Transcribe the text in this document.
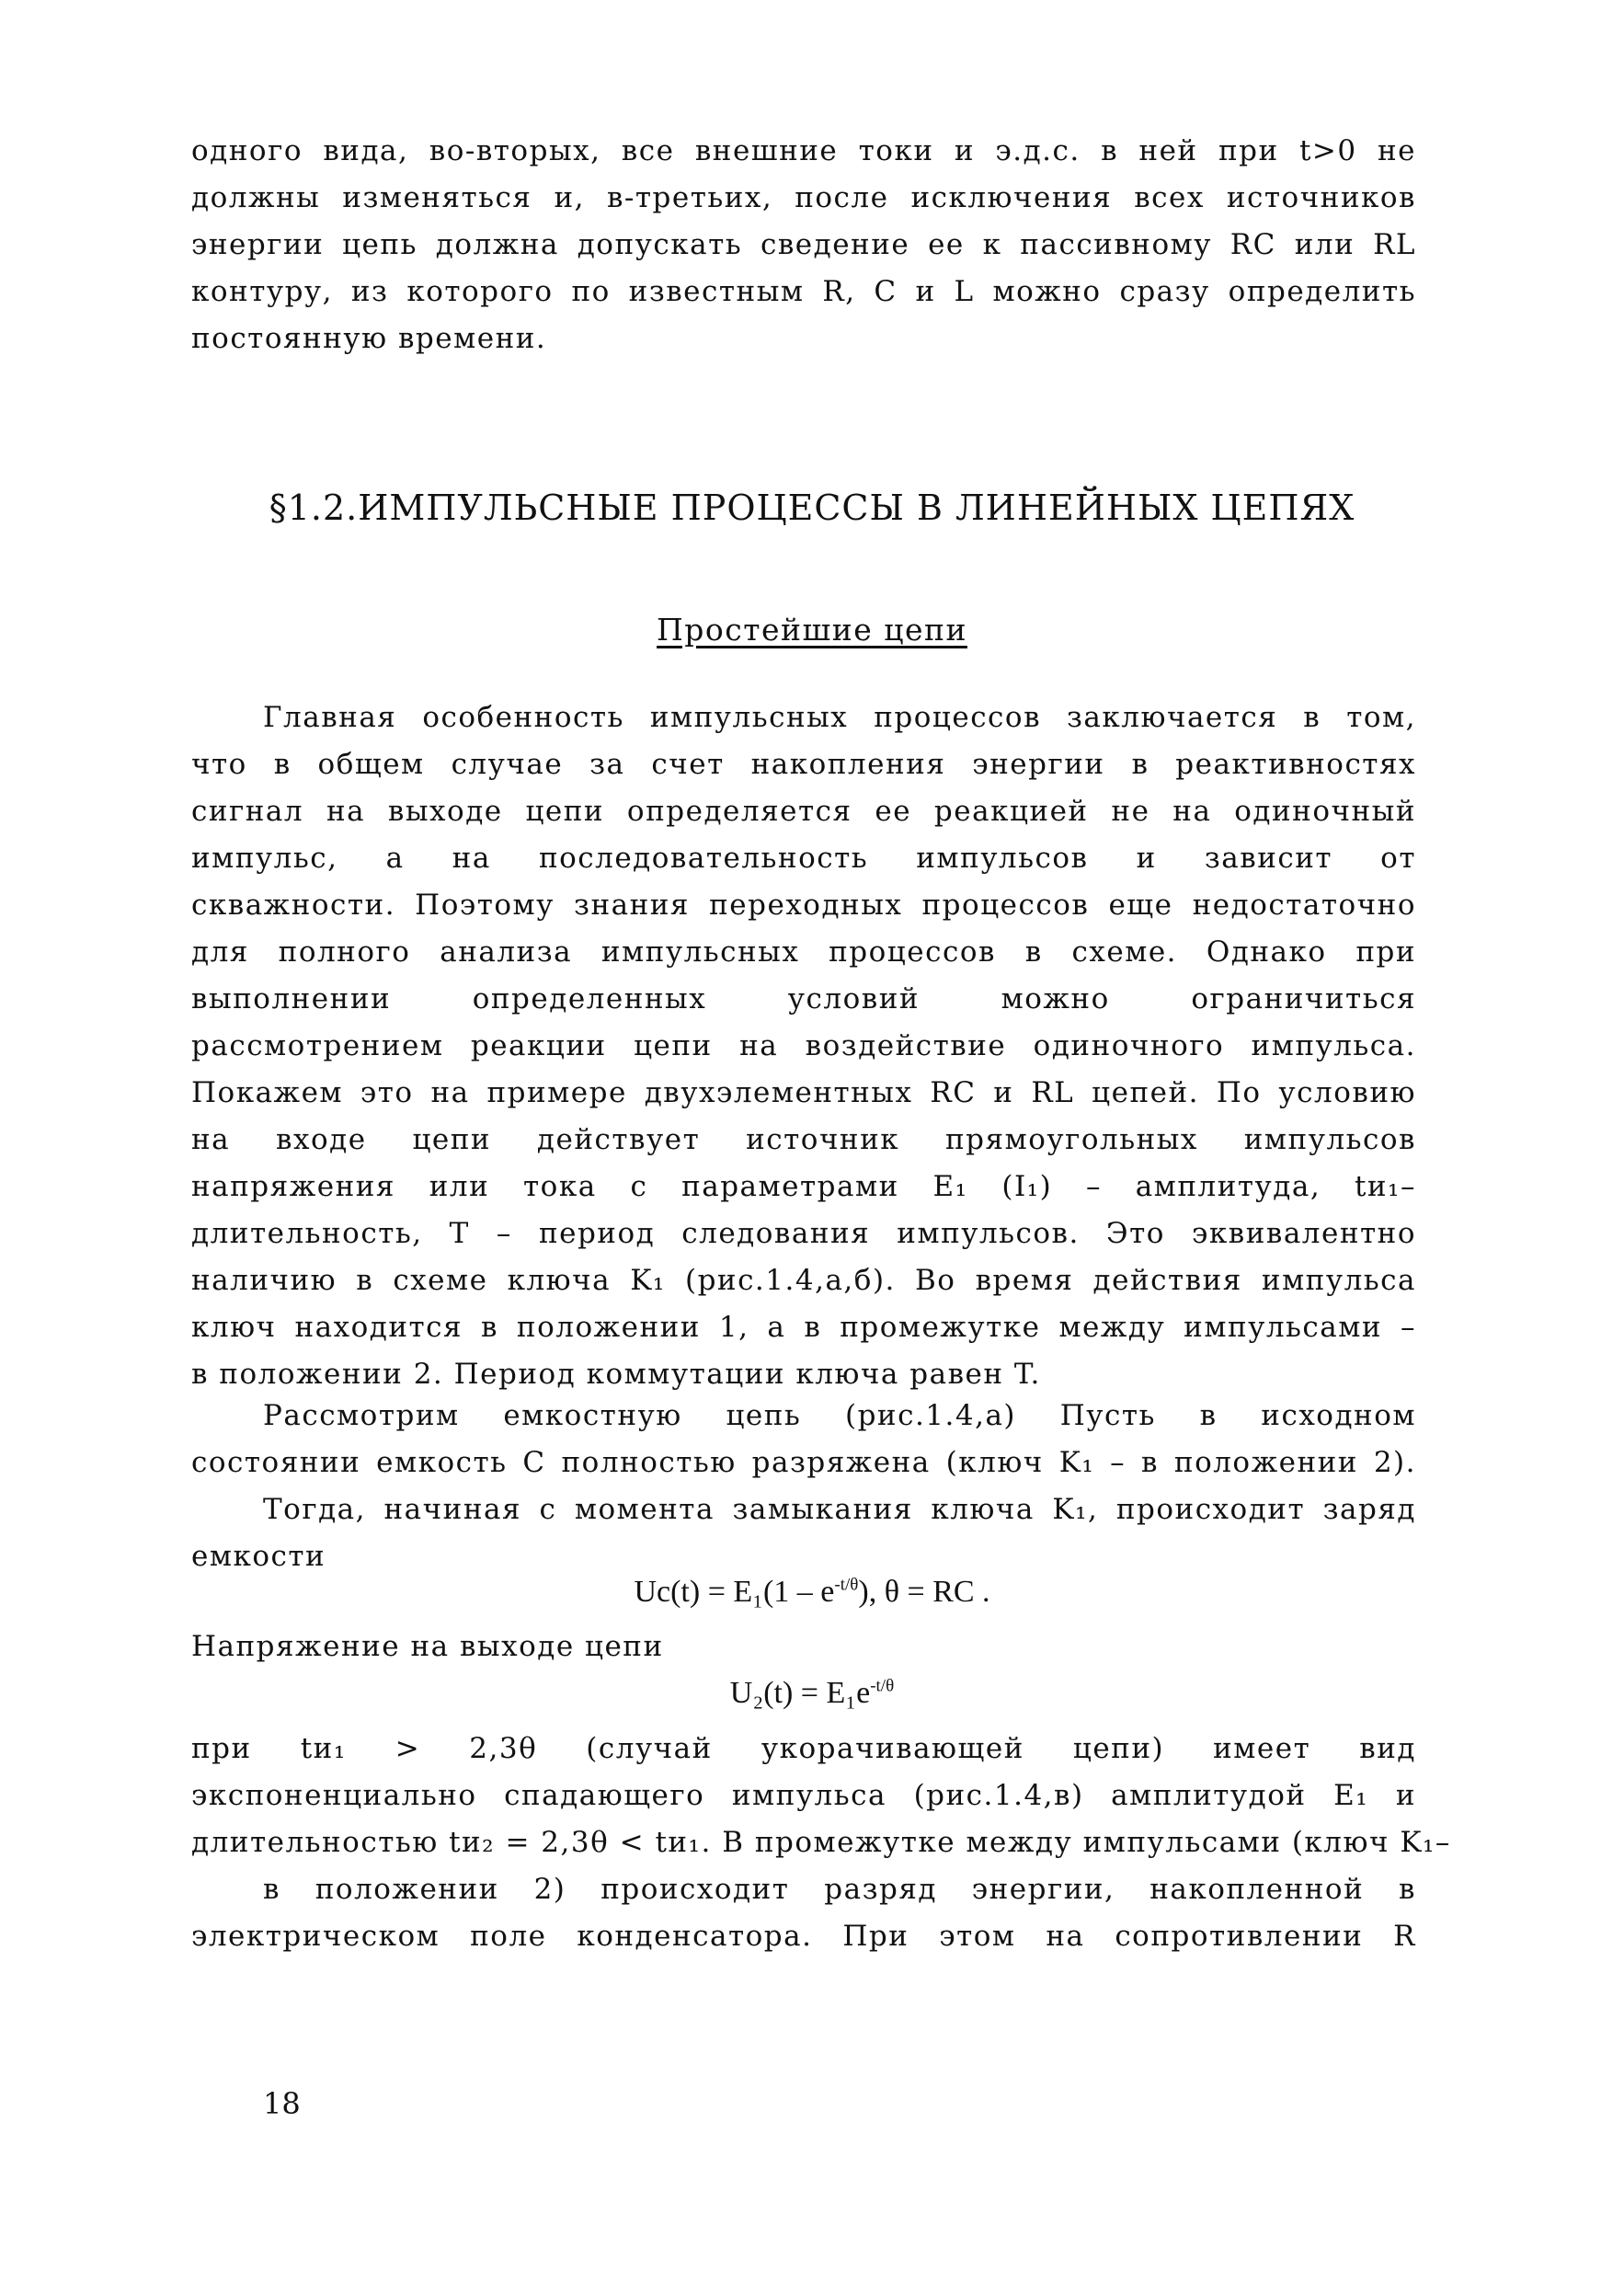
одного вида, во-вторых, все внешние токи и э.д.с. в ней при t>0 не
должны изменяться и, в-третьих, после исключения всех источников
энергии цепь должна допускать сведение ее к пассивному RC или RL
контуру, из которого по известным R, C и L можно сразу определить
постоянную времени.
§1.2.ИМПУЛЬСНЫЕ ПРОЦЕССЫ В ЛИНЕЙНЫХ ЦЕПЯХ
Простейшие цепи
Главная особенность импульсных процессов заключается в том,
что в общем случае за счет накопления энергии в реактивностях
сигнал на выходе цепи определяется ее реакцией не на одиночный
импульс, а на последовательность импульсов и зависит от
скважности. Поэтому знания переходных процессов еще недостаточно
для полного анализа импульсных процессов в схеме. Однако при
выполнении определенных условий можно ограничиться
рассмотрением реакции цепи на воздействие одиночного импульса.
Покажем это на примере двухэлементных RC и RL цепей. По условию
на входе цепи действует источник прямоугольных импульсов
напряжения или тока с параметрами E₁ (I₁) – амплитуда, tи₁–
длительность, T – период следования импульсов. Это эквивалентно
наличию в схеме ключа K₁ (рис.1.4,а,б). Во время действия импульса
ключ находится в положении 1, а в промежутке между импульсами –
в положении 2. Период коммутации ключа равен T.
Рассмотрим емкостную цепь (рис.1.4,а) Пусть в исходном
состоянии емкость C полностью разряжена (ключ K₁ – в положении 2).
Тогда, начиная с момента замыкания ключа K₁, происходит заряд
емкости
$Uc(t) = E_1(1 - e^{-t/\theta})$, θ = RC .
Напряжение на выходе цепи
$U_2(t) = E_1e^{-t/\theta}$
при tи₁ > 2,3θ (случай укорачивающей цепи) имеет вид
экспоненциально спадающего импульса (рис.1.4,в) амплитудой E₁ и
длительностью tи₂ = 2,3θ < tи₁. В промежутке между импульсами (ключ K₁–
в положении 2) происходит разряд энергии, накопленной в
электрическом поле конденсатора. При этом на сопротивлении R
18
